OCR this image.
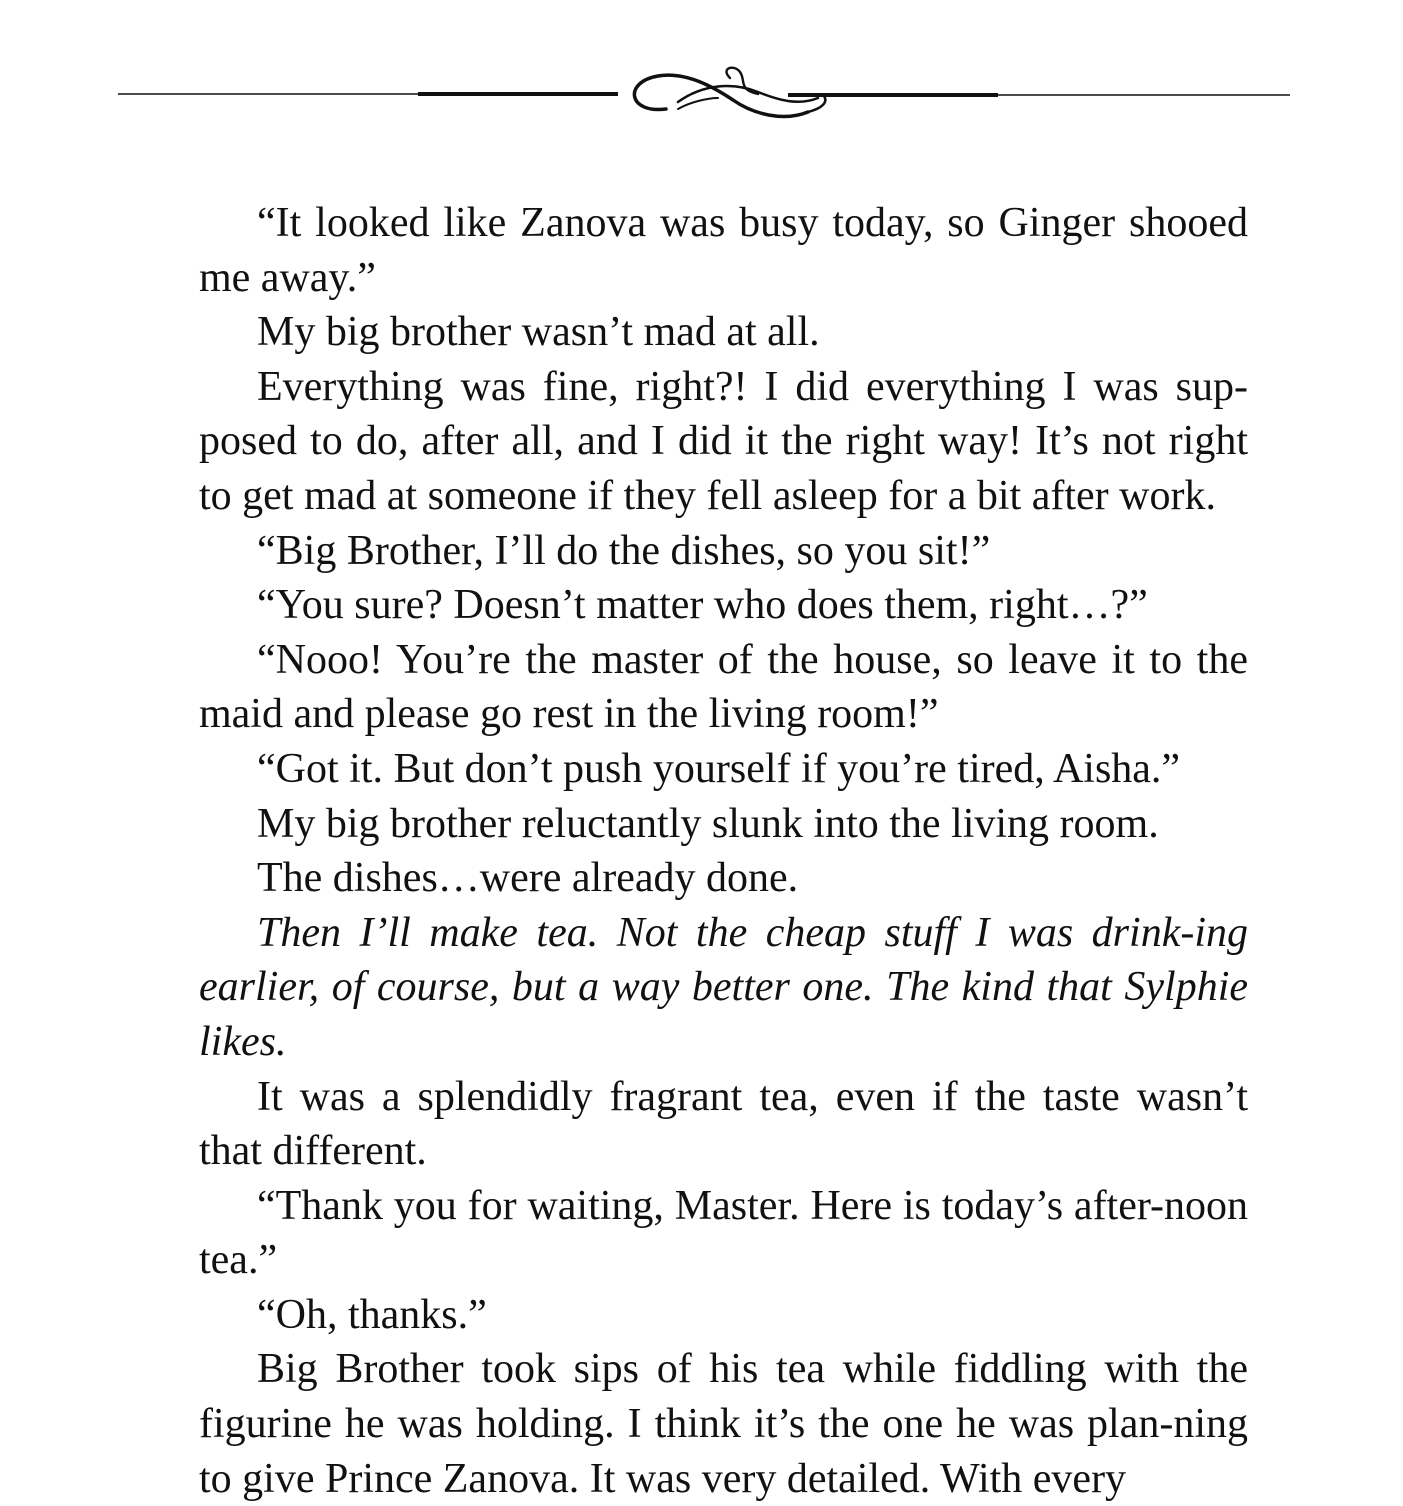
“It looked like Zanova was busy today, so Ginger shooed me away.”

My big brother wasn’t mad at all.

Everything was fine, right?! I did everything I was sup-posed to do, after all, and I did it the right way! It’s not right to get mad at someone if they fell asleep for a bit after work.

“Big Brother, I’ll do the dishes, so you sit!”

“You sure? Doesn’t matter who does them, right…?”

“Nooo! You’re the master of the house, so leave it to the maid and please go rest in the living room!”

“Got it. But don’t push yourself if you’re tired, Aisha.”

My big brother reluctantly slunk into the living room.

The dishes…were already done.

Then I’ll make tea. Not the cheap stuff I was drink-ing earlier, of course, but a way better one. The kind that Sylphie likes.

It was a splendidly fragrant tea, even if the taste wasn’t that different.

“Thank you for waiting, Master. Here is today’s after-noon tea.”

“Oh, thanks.”

Big Brother took sips of his tea while fiddling with the figurine he was holding. I think it’s the one he was plan-ning to give Prince Zanova. It was very detailed. With every
